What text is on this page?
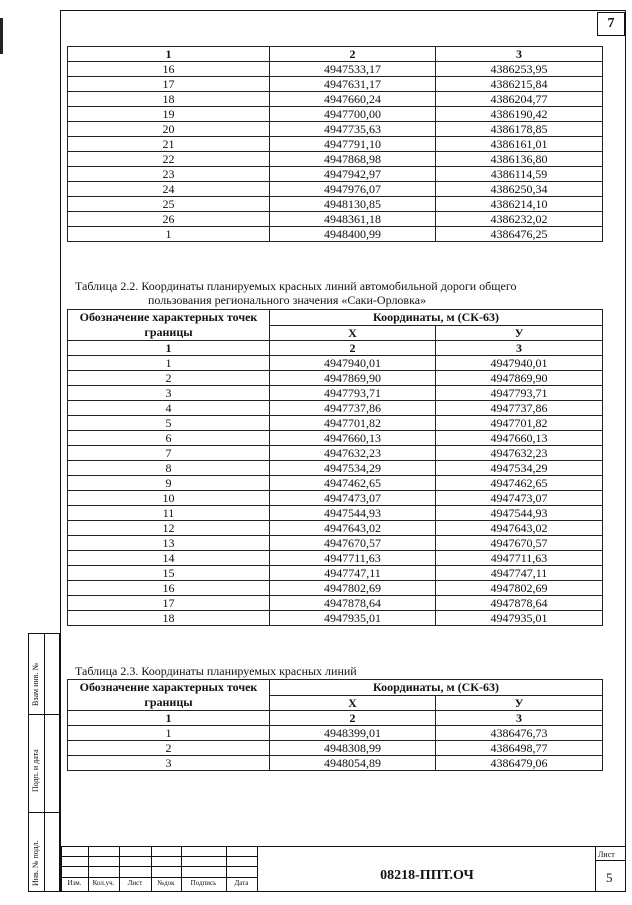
7
1	2	3
16	4947533,17	4386253,95
17	4947631,17	4386215,84
18	4947660,24	4386204,77
19	4947700,00	4386190,42
20	4947735,63	4386178,85
21	4947791,10	4386161,01
22	4947868,98	4386136,80
23	4947942,97	4386114,59
24	4947976,07	4386250,34
25	4948130,85	4386214,10
26	4948361,18	4386232,02
1	4948400,99	4386476,25
Таблица 2.2. Координаты планируемых красных линий автомобильной дороги общего
пользования регионального значения «Саки-Орловка»
Обозначение характерных точек границы	Координаты, м (СК-63)	
	Х	У
1	2	3
1	4947940,01	4947940,01
2	4947869,90	4947869,90
3	4947793,71	4947793,71
4	4947737,86	4947737,86
5	4947701,82	4947701,82
6	4947660,13	4947660,13
7	4947632,23	4947632,23
8	4947534,29	4947534,29
9	4947462,65	4947462,65
10	4947473,07	4947473,07
11	4947544,93	4947544,93
12	4947643,02	4947643,02
13	4947670,57	4947670,57
14	4947711,63	4947711,63
15	4947747,11	4947747,11
16	4947802,69	4947802,69
17	4947878,64	4947878,64
18	4947935,01	4947935,01
Таблица 2.3. Координаты планируемых красных линий
Обозначение характерных точек границы	Координаты, м (СК-63)	
	Х	У
1	2	3
1	4948399,01	4386476,73
2	4948308,99	4386498,77
3	4948054,89	4386479,06
Взам инв. №
Подп. и дата
Инв. № подл.	Изм.	Кол.уч.	Лист	№док	Подпись	Дата	08218-ППТ.ОЧ
Лист
5
